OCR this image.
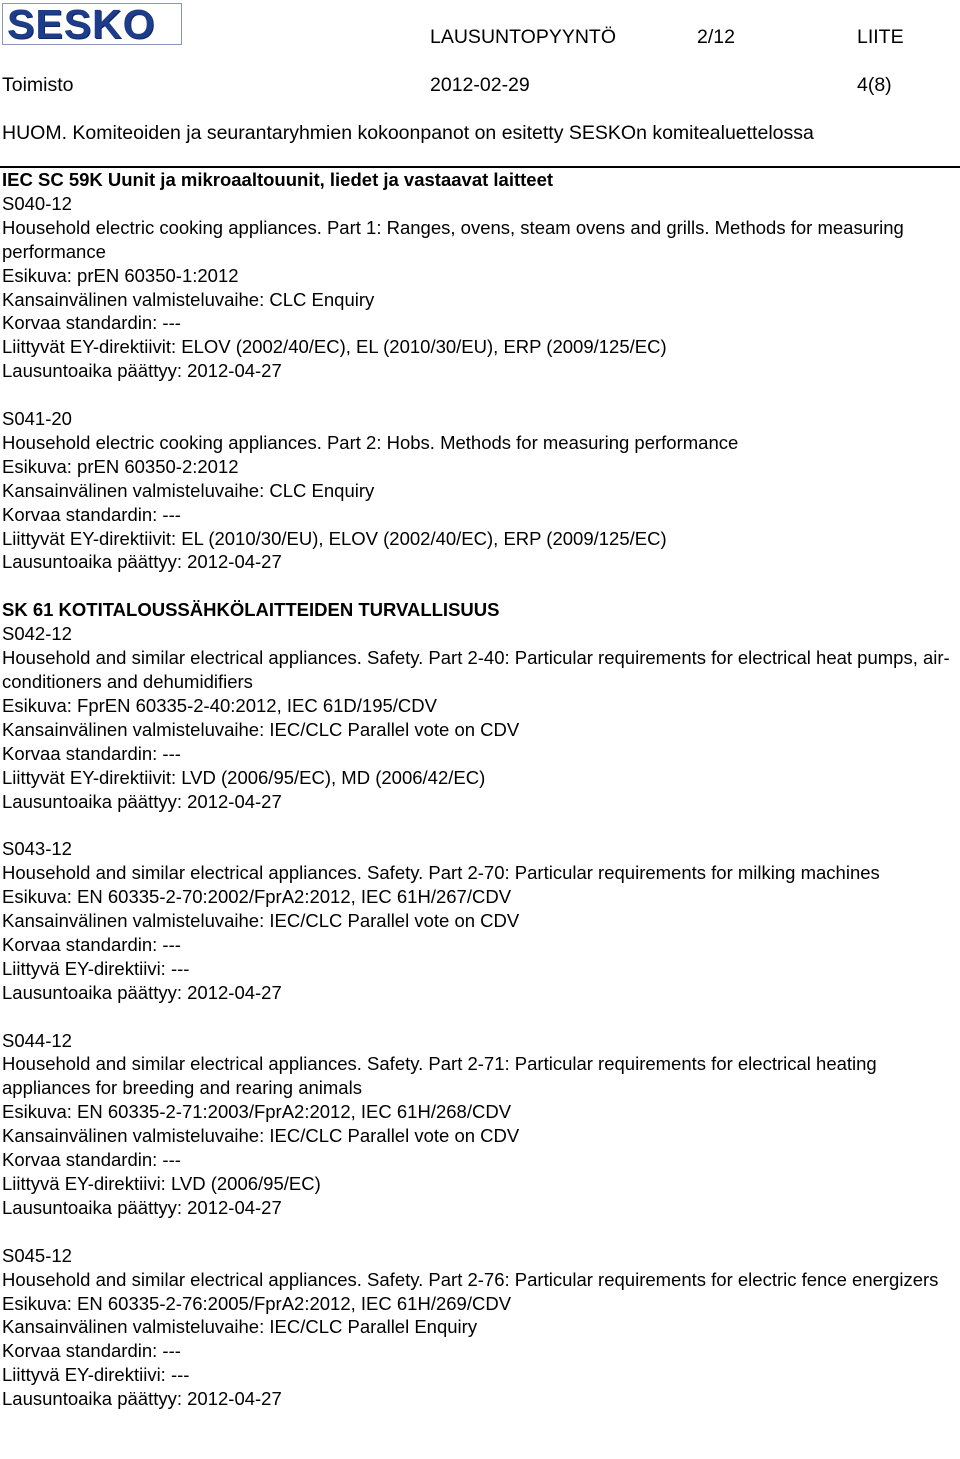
SESKO	LAUSUNTOPYYNTÖ	2/12	LIITE
Toimisto	2012-02-29	4(8)
HUOM. Komiteoiden ja seurantaryhmien kokoonpanot on esitetty SESKOn komitealuettelossa
IEC SC 59K Uunit ja mikroaaltouunit, liedet ja vastaavat laitteet
S040-12
Household electric cooking appliances. Part 1: Ranges, ovens, steam ovens and grills. Methods for measuring performance
Esikuva: prEN 60350-1:2012
Kansainvälinen valmisteluvaihe: CLC Enquiry
Korvaa standardin: ---
Liittyvät EY-direktiivit: ELOV (2002/40/EC), EL (2010/30/EU), ERP (2009/125/EC)
Lausuntoaika päättyy: 2012-04-27
S041-20
Household electric cooking appliances. Part 2: Hobs. Methods for measuring performance
Esikuva: prEN 60350-2:2012
Kansainvälinen valmisteluvaihe: CLC Enquiry
Korvaa standardin: ---
Liittyvät EY-direktiivit: EL (2010/30/EU), ELOV (2002/40/EC), ERP (2009/125/EC)
Lausuntoaika päättyy: 2012-04-27
SK 61 KOTITALOUSSÄHKÖLAITTEIDEN TURVALLISUUS
S042-12
Household and similar electrical appliances. Safety. Part 2-40: Particular requirements for electrical heat pumps, air-conditioners and dehumidifiers
Esikuva: FprEN 60335-2-40:2012, IEC 61D/195/CDV
Kansainvälinen valmisteluvaihe: IEC/CLC Parallel vote on CDV
Korvaa standardin: ---
Liittyvät EY-direktiivit: LVD (2006/95/EC), MD (2006/42/EC)
Lausuntoaika päättyy: 2012-04-27
S043-12
Household and similar electrical appliances. Safety. Part 2-70: Particular requirements for milking machines
Esikuva: EN 60335-2-70:2002/FprA2:2012, IEC 61H/267/CDV
Kansainvälinen valmisteluvaihe: IEC/CLC Parallel vote on CDV
Korvaa standardin: ---
Liittyvä EY-direktiivi: ---
Lausuntoaika päättyy: 2012-04-27
S044-12
Household and similar electrical appliances. Safety. Part 2-71: Particular requirements for electrical heating appliances for breeding and rearing animals
Esikuva: EN 60335-2-71:2003/FprA2:2012, IEC 61H/268/CDV
Kansainvälinen valmisteluvaihe: IEC/CLC Parallel vote on CDV
Korvaa standardin: ---
Liittyvä EY-direktiivi: LVD (2006/95/EC)
Lausuntoaika päättyy: 2012-04-27
S045-12
Household and similar electrical appliances. Safety. Part 2-76: Particular requirements for electric fence energizers
Esikuva: EN 60335-2-76:2005/FprA2:2012, IEC 61H/269/CDV
Kansainvälinen valmisteluvaihe: IEC/CLC Parallel Enquiry
Korvaa standardin: ---
Liittyvä EY-direktiivi: ---
Lausuntoaika päättyy: 2012-04-27
